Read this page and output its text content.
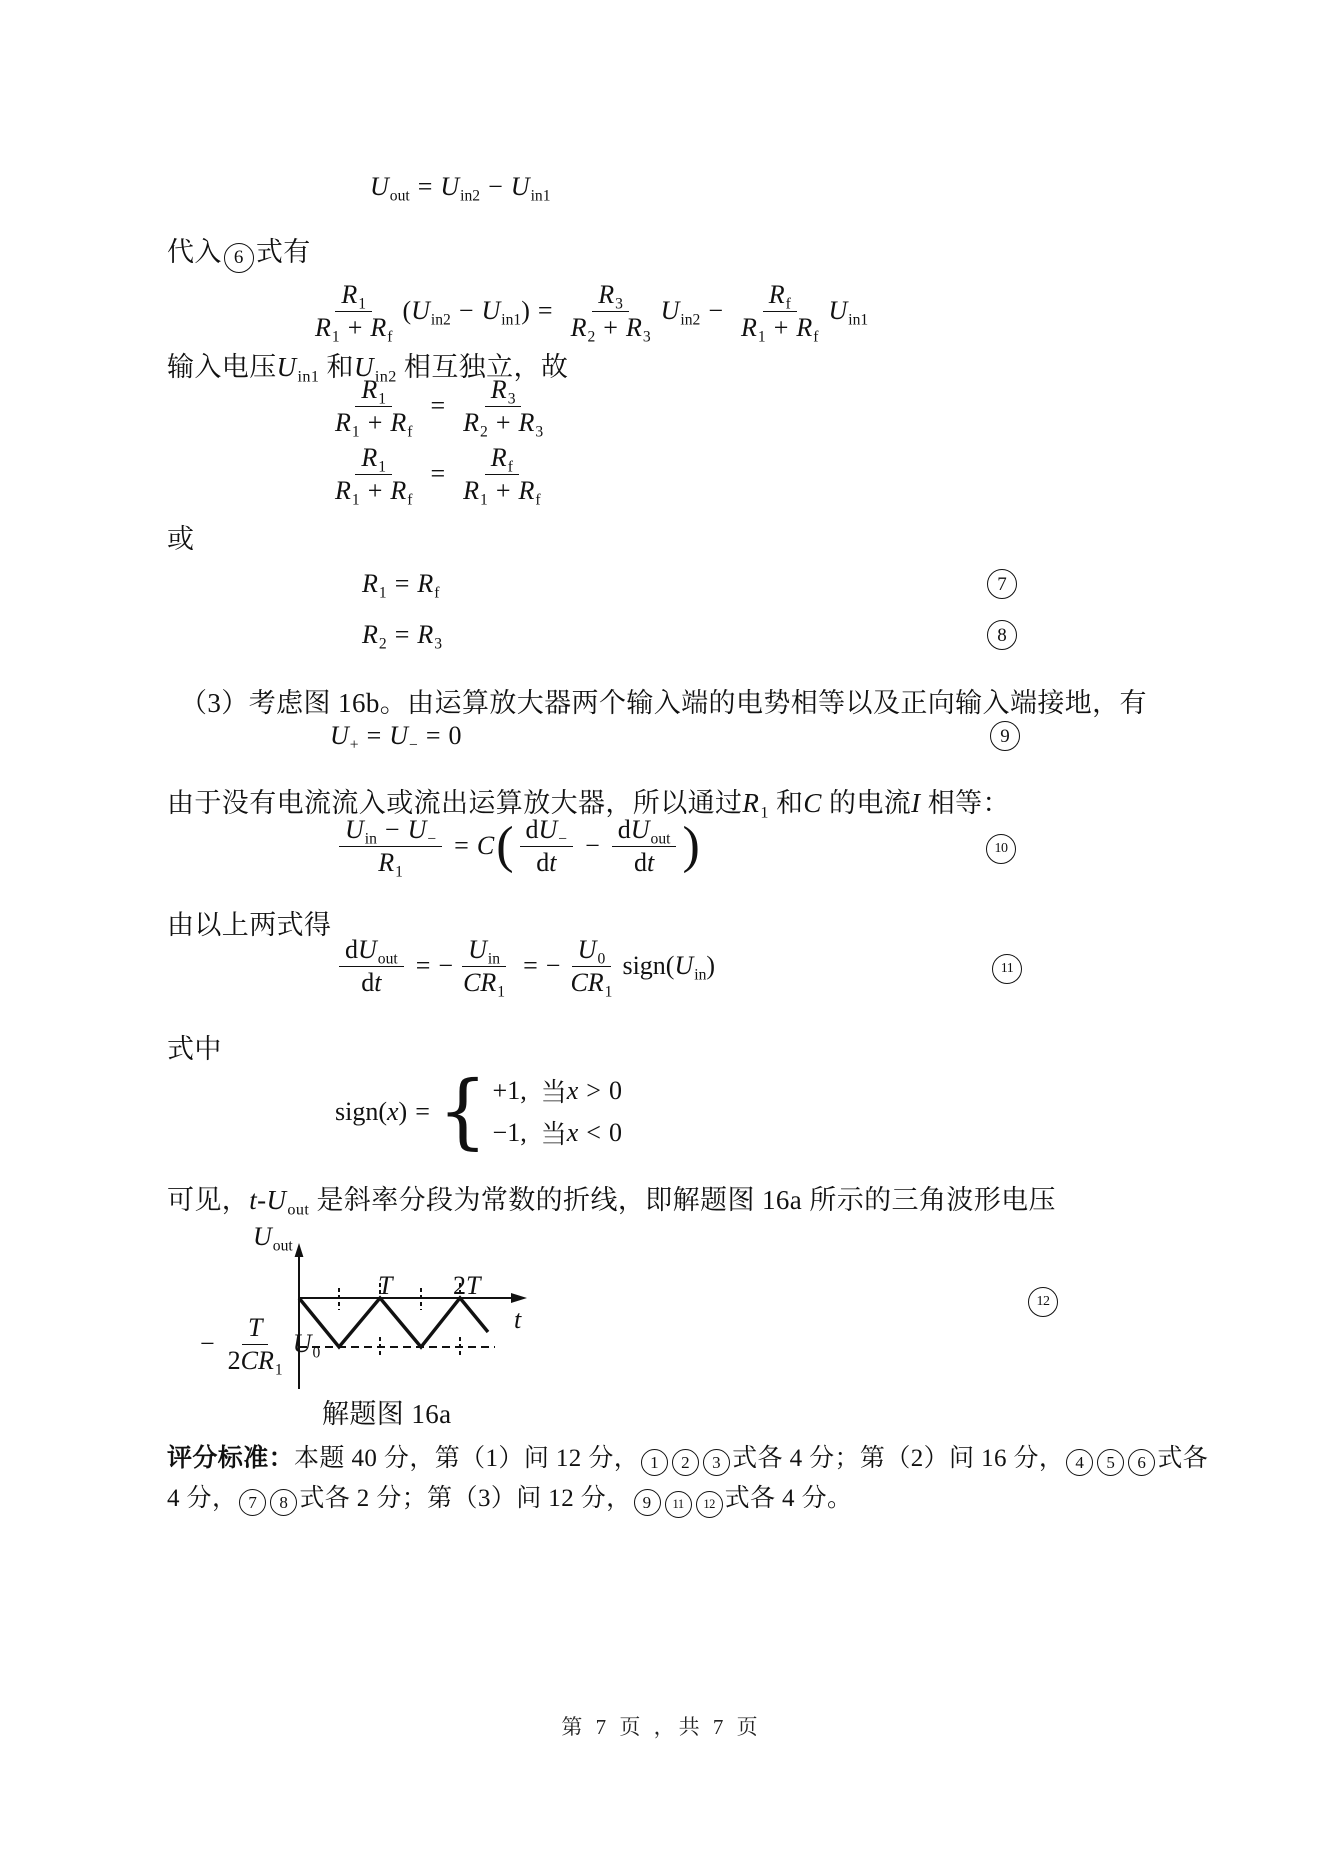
第 7 页 ，共 7 页
U out = U in2 − U in1
代入 6 式有
$\frac{R 1}{\text{R 1 + R f}}$ ( U in2 − U in1 ) = $\frac{R 3}{R 2 + R 3}$ U $in2 - \frac{\text{R f}}{\text{R 1 + R f}}$ U in1
输入电压 U in1 和 U in2 相互独立，故
$\frac{R 1}{\text{R 1 + R f}} = \frac{R 3}{R 2 + R 3}$
$\frac{R 1}{\text{R 1 + R f}} = \frac{\text{R f}}{\text{R 1 + R f}}$
或
R 1 = R f
R 2 = R 3
（3）考虑图 16b。由运算放大器两个输入端的电势相等以及正向输入端接地，有
U + = U − = 0
由于没有电流流入或流出运算放大器，所以通过 R 1 和 C 的电流 I 相等：
U in − U −
R 1
= C ( $\frac{\text{d U −}}{\text{d t}}$ −
d U out
d t )
由以上两式得
d U out
d t
= −
U in
C R 1
= − $\frac{U 0}{\text{C R 1}}$ sign( U in )
式中
sign( x ) = { +1, 当 x > 0
−1, 当 x < 0
可见， t - U out 是斜率分段为常数的折线，即解题图 16a 所示的三角波形电压
U out
T 2 T
t
− $\frac{T}{\text{2 C R 1}}$ U 0
解题图 16a
7
8
9
10
11
12
评分标准： 本题 40 分，第（1）问 12 分， 1	2	3 式各 4 分；第（2）问 16 分， 4	5	6 式各
4 分， 7	8 式各 2 分；第（3）问 12 分， 9	11	12 式各 4 分。
